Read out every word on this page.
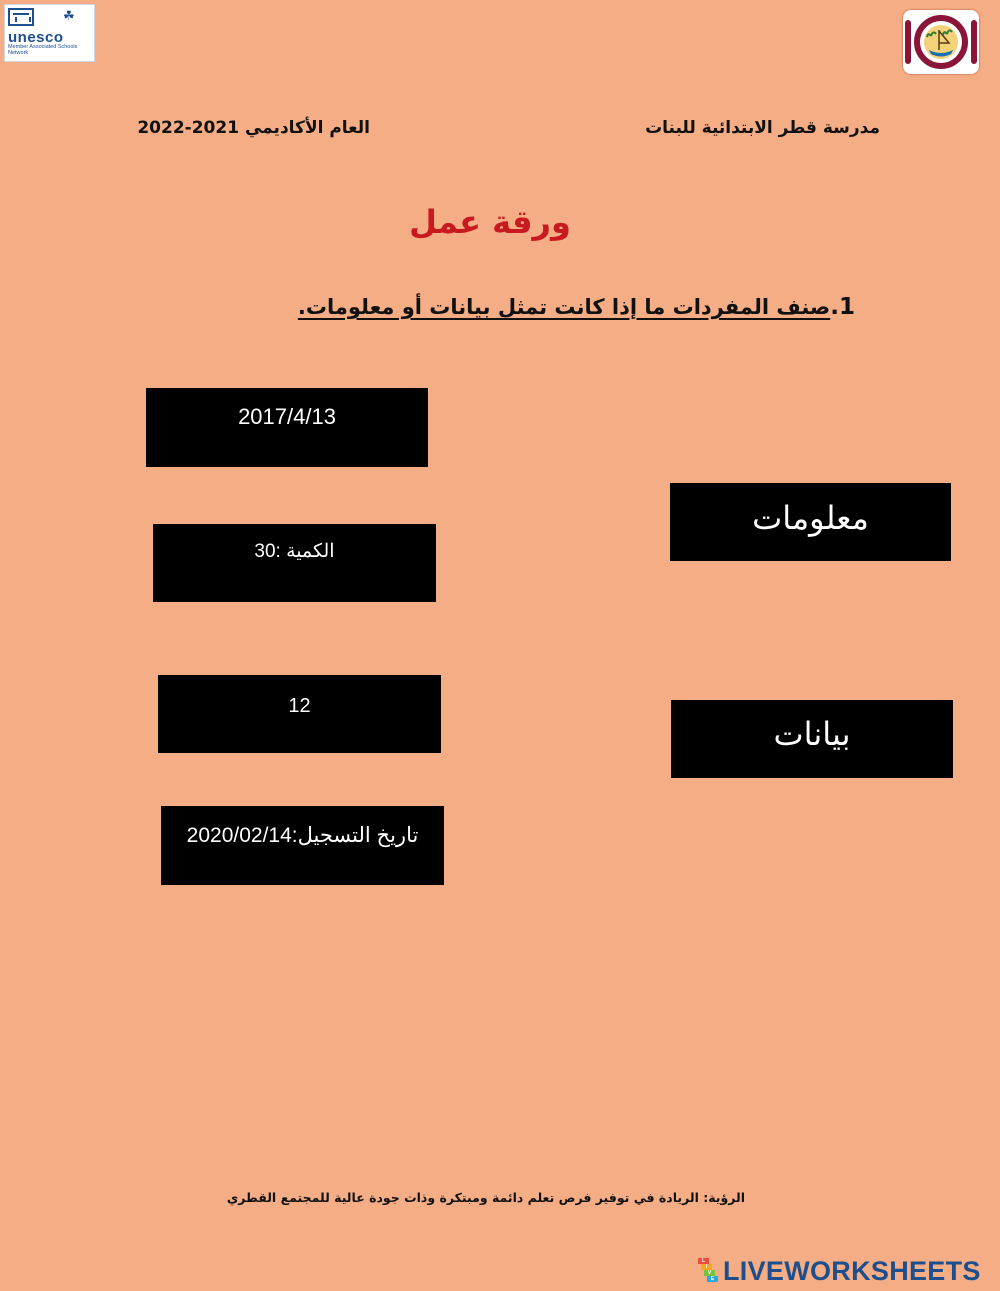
☘
unesco
Member Associated Schools Network
مدرسة قطر الابتدائية للبنات
العام الأكاديمي 2021-2022
ورقة عمل
1.صنف المفردات ما إذا كانت تمثل بيانات أو معلومات.
2017/4/13
الكمية :30
12
تاريخ التسجيل:2020/02/14
معلومات
بيانات
الرؤية: الريادة في توفير فرص تعلم دائمة ومبتكرة وذات جودة عالية للمجتمع القطري
L
I
V
E LIVEWORKSHEETS
